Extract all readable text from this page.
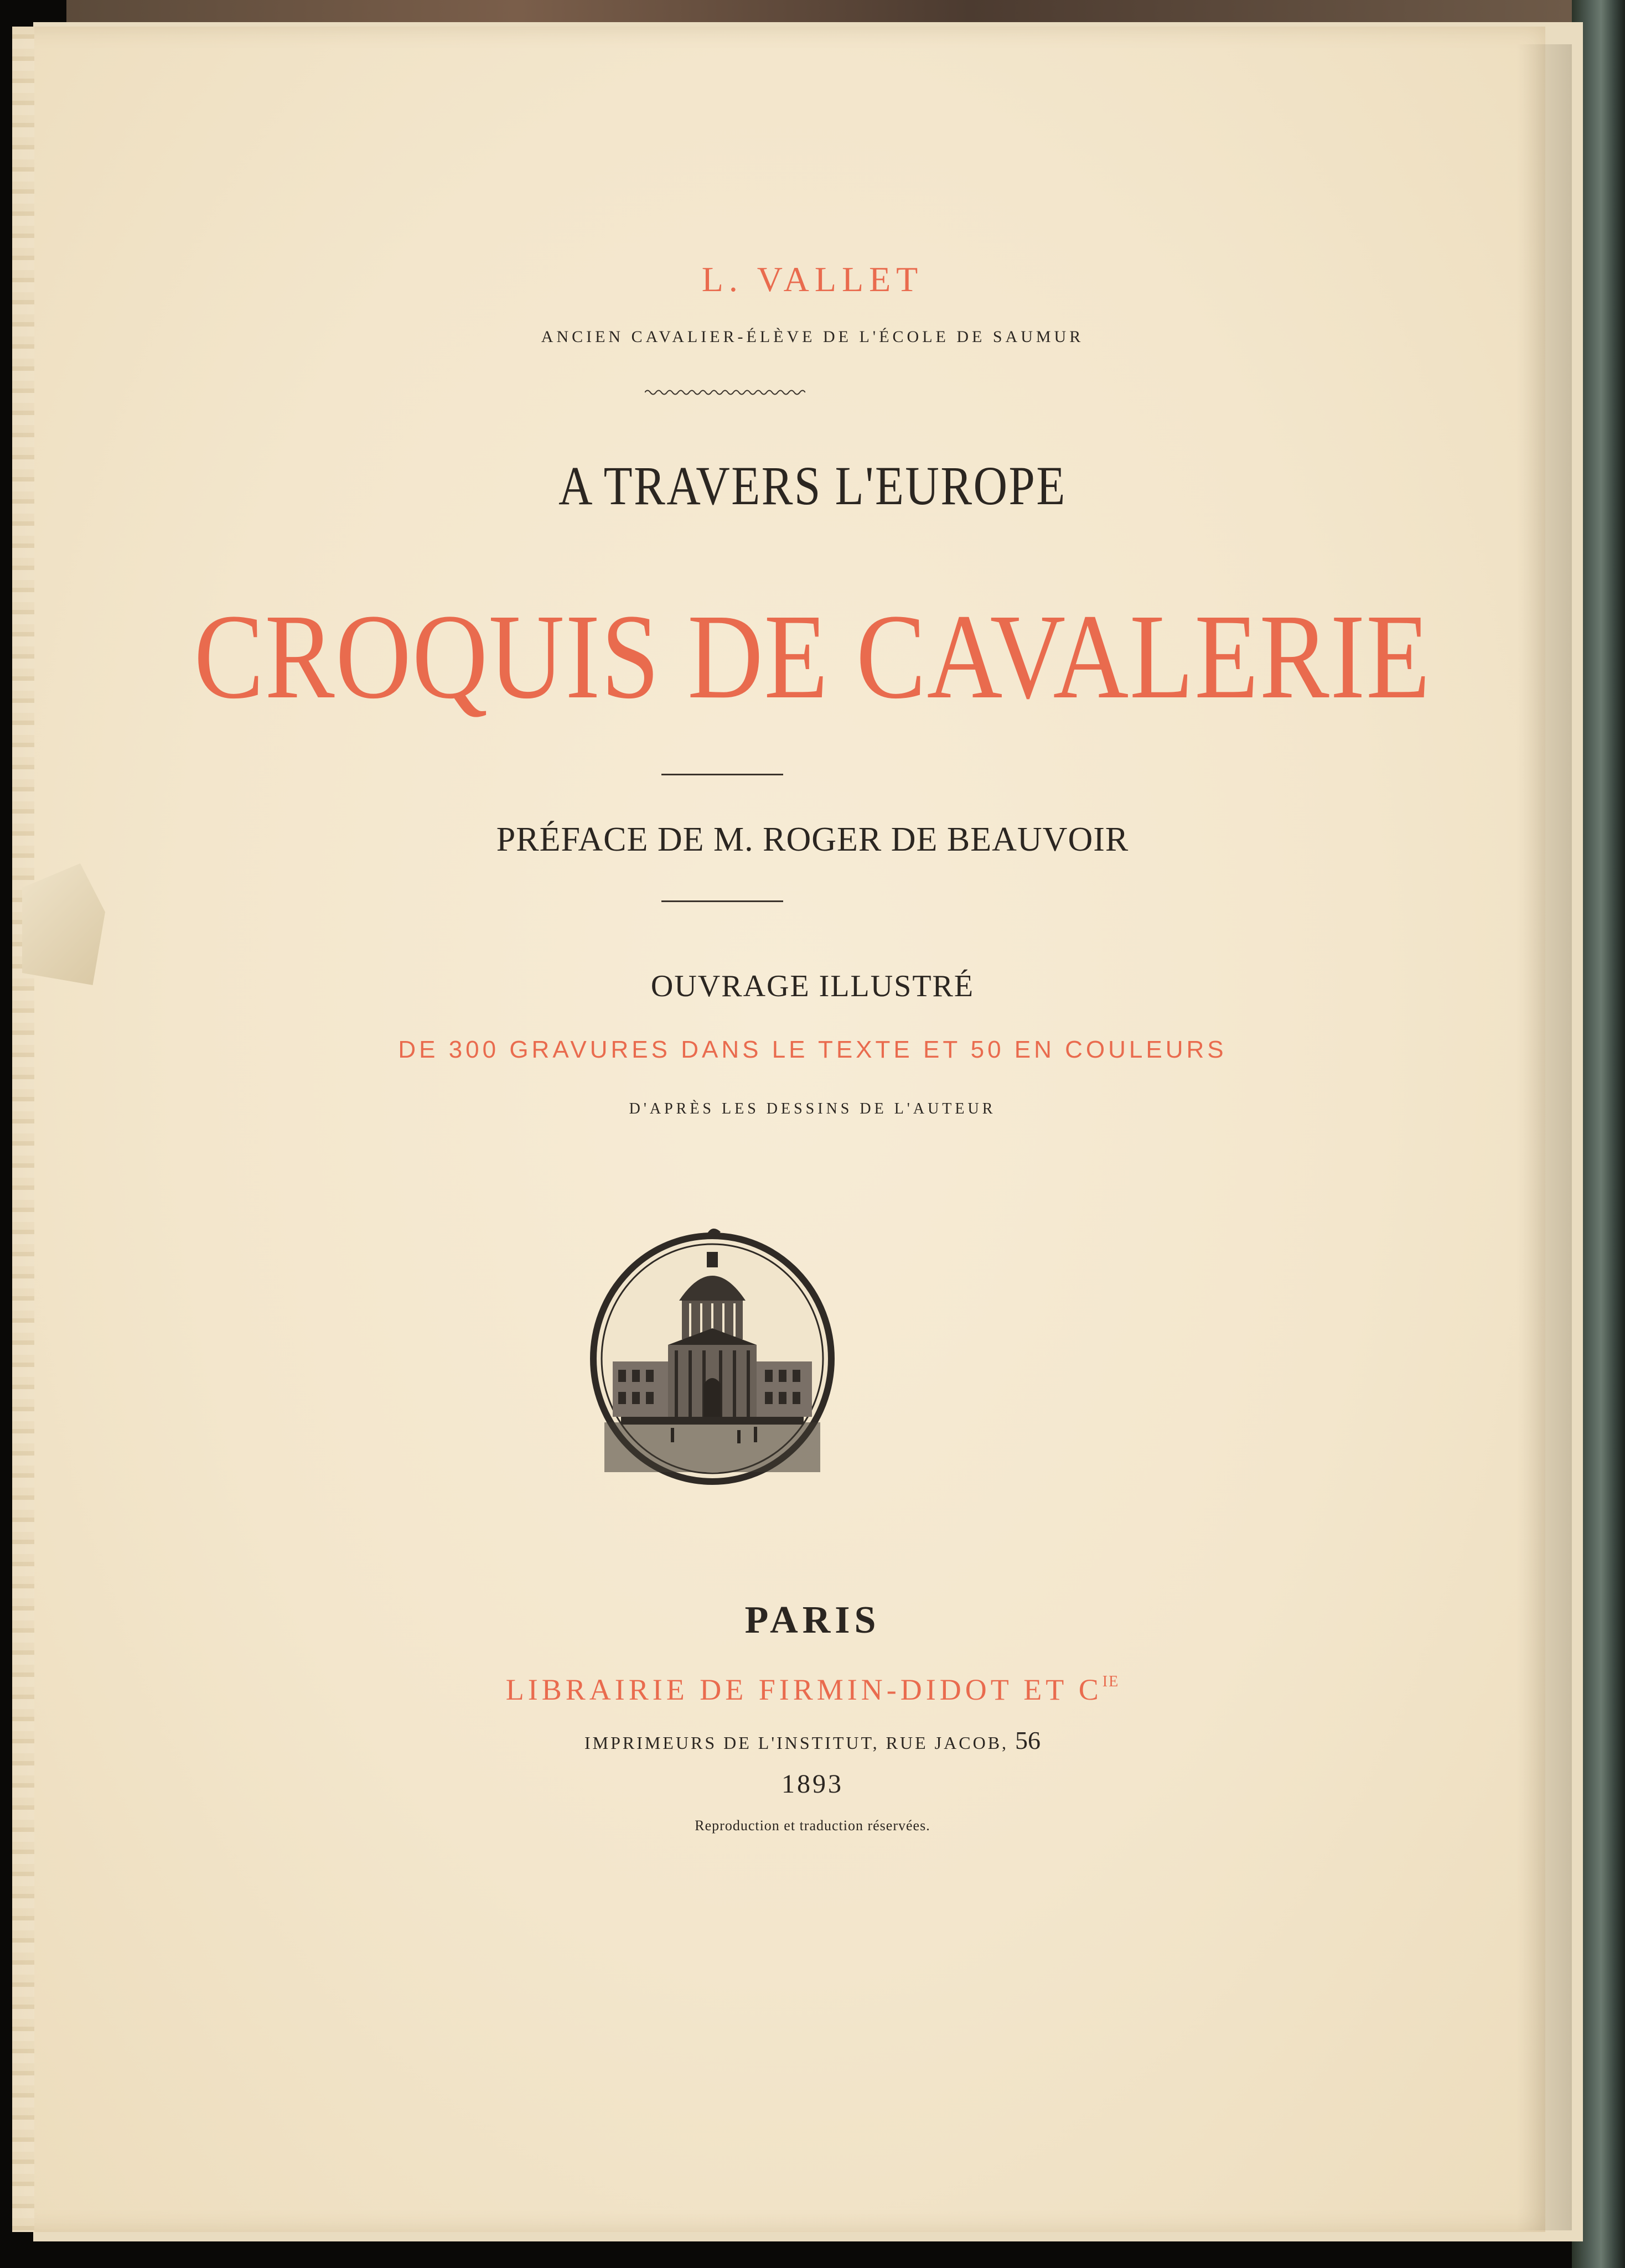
L. VALLET
ANCIEN CAVALIER-ÉLÈVE DE L'ÉCOLE DE SAUMUR
A TRAVERS L'EUROPE
CROQUIS DE CAVALERIE
PRÉFACE DE M. ROGER DE BEAUVOIR
OUVRAGE ILLUSTRÉ
DE 300 GRAVURES DANS LE TEXTE ET 50 EN COULEURS
D'APRÈS LES DESSINS DE L'AUTEUR
PARIS
LIBRAIRIE DE FIRMIN-DIDOT ET $C^{IE}$
IMPRIMEURS DE L'INSTITUT, RUE JACOB, 56
1893
Reproduction et traduction réservées.
